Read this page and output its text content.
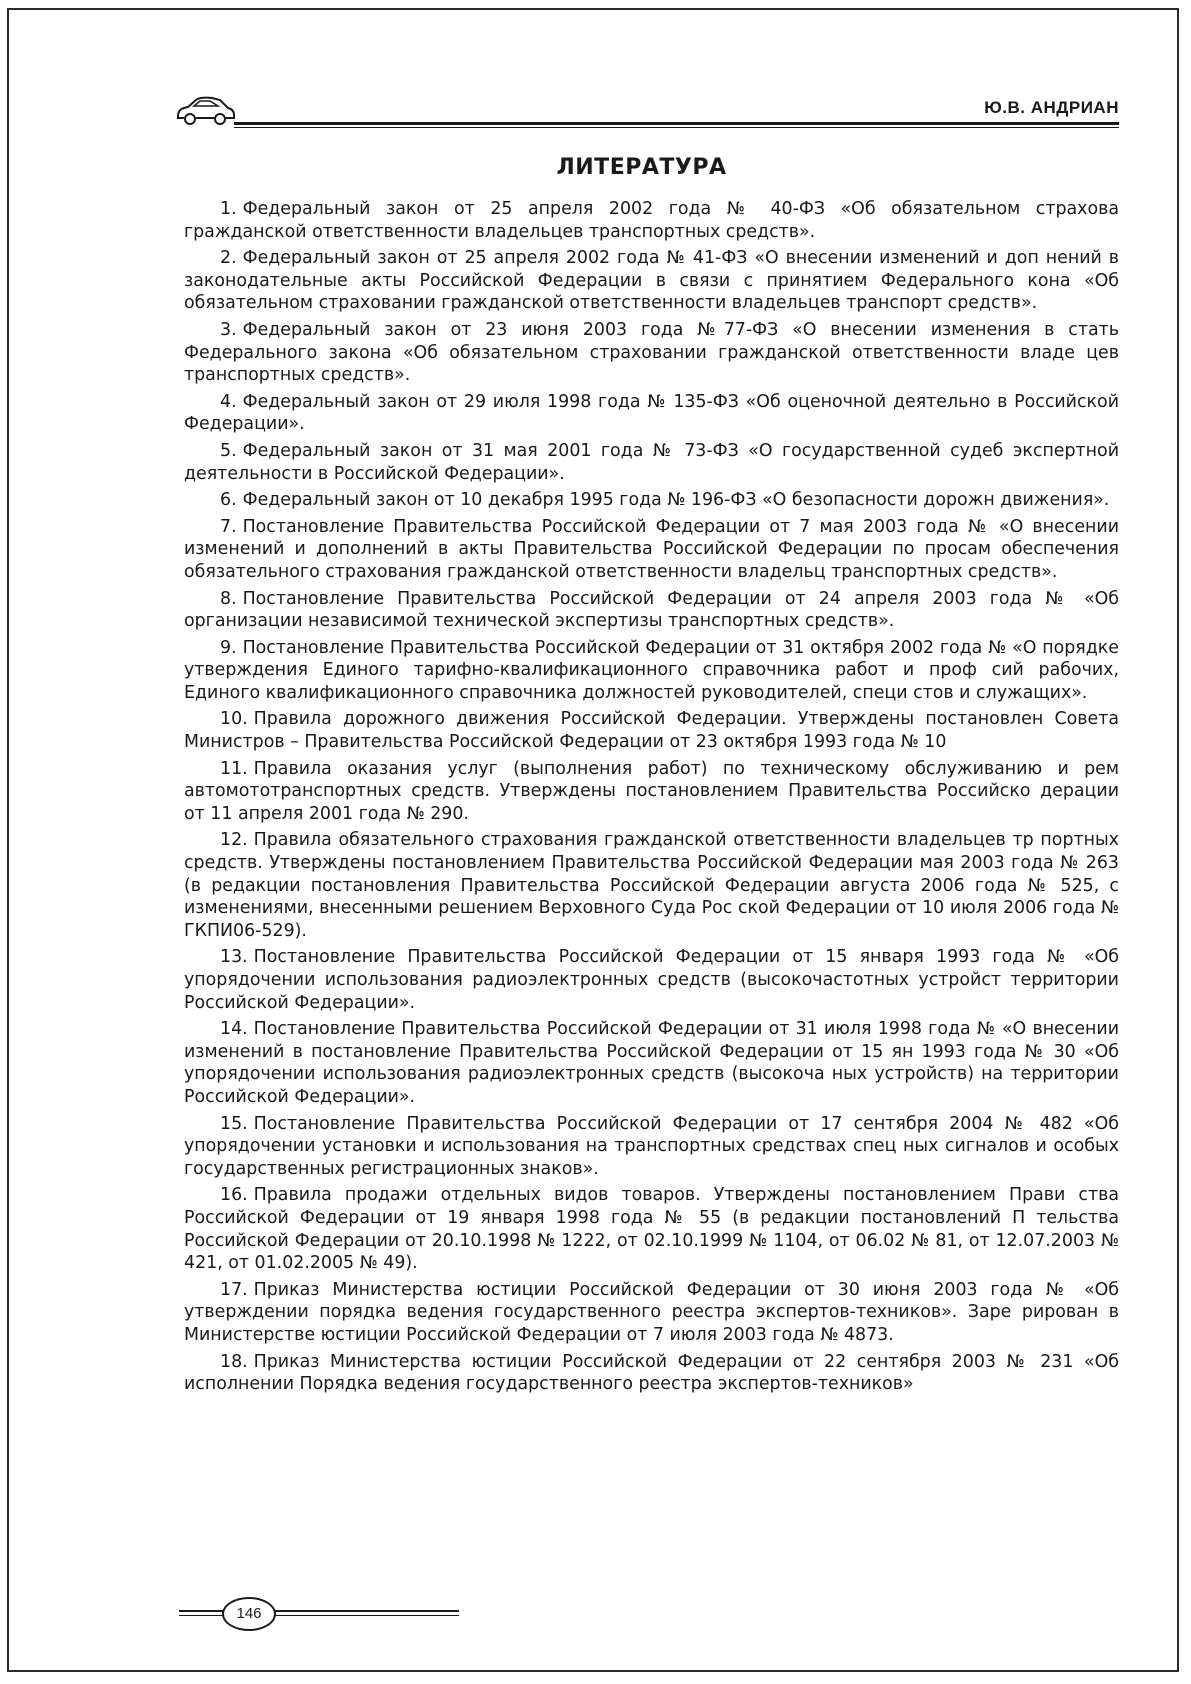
Ю.В. АНДРИАН
ЛИТЕРАТУРА

1. Федеральный закон от 25 апреля 2002 года № 40-ФЗ «Об обязательном страхова гражданской ответственности владельцев транспортных средств».

2. Федеральный закон от 25 апреля 2002 года № 41-ФЗ «О внесении изменений и доп нений в законодательные акты Российской Федерации в связи с принятием Федерального кона «Об обязательном страховании гражданской ответственности владельцев транспорт средств».

3. Федеральный закон от 23 июня 2003 года №77-ФЗ «О внесении изменения в стать Федерального закона «Об обязательном страховании гражданской ответственности владе цев транспортных средств».

4. Федеральный закон от 29 июля 1998 года № 135-ФЗ «Об оценочной деятельно в Российской Федерации».

5. Федеральный закон от 31 мая 2001 года № 73-ФЗ «О государственной судеб экспертной деятельности в Российской Федерации».

6. Федеральный закон от 10 декабря 1995 года № 196-ФЗ «О безопасности дорожн движения».

7. Постановление Правительства Российской Федерации от 7 мая 2003 года № «О внесении изменений и дополнений в акты Правительства Российской Федерации по просам обеспечения обязательного страхования гражданской ответственности владельц транспортных средств».

8. Постановление Правительства Российской Федерации от 24 апреля 2003 года № «Об организации независимой технической экспертизы транспортных средств».

9. Постановление Правительства Российской Федерации от 31 октября 2002 года № «О порядке утверждения Единого тарифно-квалификационного справочника работ и проф сий рабочих, Единого квалификационного справочника должностей руководителей, специ стов и служащих».

10. Правила дорожного движения Российской Федерации. Утверждены постановлен Совета Министров – Правительства Российской Федерации от 23 октября 1993 года № 10

11. Правила оказания услуг (выполнения работ) по техническому обслуживанию и рем автомототранспортных средств. Утверждены постановлением Правительства Российско дерации от 11 апреля 2001 года № 290.

12. Правила обязательного страхования гражданской ответственности владельцев тр портных средств. Утверждены постановлением Правительства Российской Федерации мая 2003 года № 263 (в редакции постановления Правительства Российской Федерации августа 2006 года № 525, с изменениями, внесенными решением Верховного Суда Рос ской Федерации от 10 июля 2006 года № ГКПИ06-529).

13. Постановление Правительства Российской Федерации от 15 января 1993 года № «Об упорядочении использования радиоэлектронных средств (высокочастотных устройст территории Российской Федерации».

14. Постановление Правительства Российской Федерации от 31 июля 1998 года № «О внесении изменений в постановление Правительства Российской Федерации от 15 ян 1993 года № 30 «Об упорядочении использования радиоэлектронных средств (высокоча ных устройств) на территории Российской Федерации».

15. Постановление Правительства Российской Федерации от 17 сентября 2004 № 482 «Об упорядочении установки и использования на транспортных средствах спец ных сигналов и особых государственных регистрационных знаков».

16. Правила продажи отдельных видов товаров. Утверждены постановлением Прави ства Российской Федерации от 19 января 1998 года № 55 (в редакции постановлений П тельства Российской Федерации от 20.10.1998 № 1222, от 02.10.1999 № 1104, от 06.02 № 81, от 12.07.2003 № 421, от 01.02.2005 № 49).

17. Приказ Министерства юстиции Российской Федерации от 30 июня 2003 года № «Об утверждении порядка ведения государственного реестра экспертов-техников». Заре рирован в Министерстве юстиции Российской Федерации от 7 июля 2003 года № 4873.

18. Приказ Министерства юстиции Российской Федерации от 22 сентября 2003 № 231 «Об исполнении Порядка ведения государственного реестра экспертов-техников»

146
